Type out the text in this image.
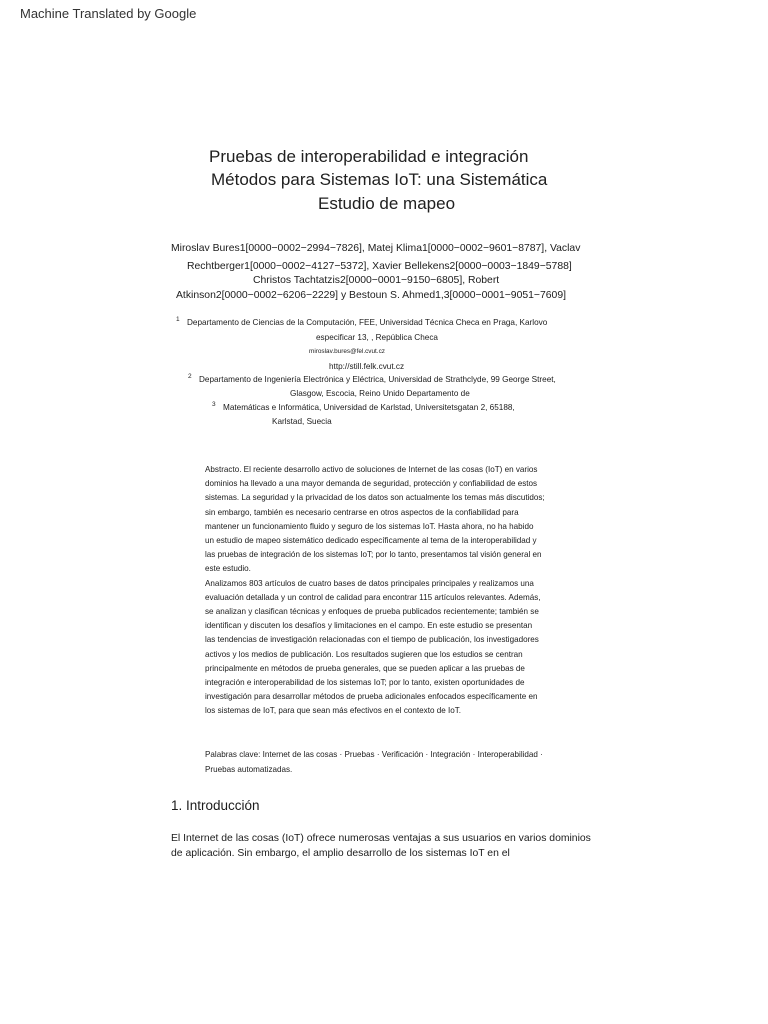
Machine Translated by Google
Pruebas de interoperabilidad e integración
Métodos para Sistemas IoT: una Sistemática
Estudio de mapeo
Miroslav Bures1[0000−0002−2994−7826], Matej Klima1[0000−0002−9601−8787], Vaclav
Rechtberger1[0000−0002−4127−5372], Xavier Bellekens2[0000−0003−1849−5788]
Christos Tachtatzis2[0000−0001−9150−6805], Robert
Atkinson2[0000−0002−6206−2229] y Bestoun S. Ahmed1,3[0000−0001−9051−7609]
1 Departamento de Ciencias de la Computación, FEE, Universidad Técnica Checa en Praga, Karlovo
especificar 13, , República Checa
miroslav.bures@fel.cvut.cz
http://still.felk.cvut.cz
2 Departamento de Ingeniería Electrónica y Eléctrica, Universidad de Strathclyde, 99 George Street,
Glasgow, Escocia, Reino Unido Departamento de
3 Matemáticas e Informática, Universidad de Karlstad, Universitetsgatan 2, 65188,
Karlstad, Suecia
Abstracto. El reciente desarrollo activo de soluciones de Internet de las cosas (IoT) en varios
dominios ha llevado a una mayor demanda de seguridad, protección y confiabilidad de estos
sistemas. La seguridad y la privacidad de los datos son actualmente los temas más discutidos;
sin embargo, también es necesario centrarse en otros aspectos de la confiabilidad para
mantener un funcionamiento fluido y seguro de los sistemas IoT. Hasta ahora, no ha habido
un estudio de mapeo sistemático dedicado específicamente al tema de la interoperabilidad y
las pruebas de integración de los sistemas IoT; por lo tanto, presentamos tal visión general en
este estudio.
Analizamos 803 artículos de cuatro bases de datos principales principales y realizamos una
evaluación detallada y un control de calidad para encontrar 115 artículos relevantes. Además,
se analizan y clasifican técnicas y enfoques de prueba publicados recientemente; también se
identifican y discuten los desafíos y limitaciones en el campo. En este estudio se presentan
las tendencias de investigación relacionadas con el tiempo de publicación, los investigadores
activos y los medios de publicación. Los resultados sugieren que los estudios se centran
principalmente en métodos de prueba generales, que se pueden aplicar a las pruebas de
integración e interoperabilidad de los sistemas IoT; por lo tanto, existen oportunidades de
investigación para desarrollar métodos de prueba adicionales enfocados específicamente en
los sistemas de IoT, para que sean más efectivos en el contexto de IoT.
Palabras clave: Internet de las cosas · Pruebas · Verificación · Integración · Interoperabilidad ·
Pruebas automatizadas.
1. Introducción
El Internet de las cosas (IoT) ofrece numerosas ventajas a sus usuarios en varios dominios
de aplicación. Sin embargo, el amplio desarrollo de los sistemas IoT en el
